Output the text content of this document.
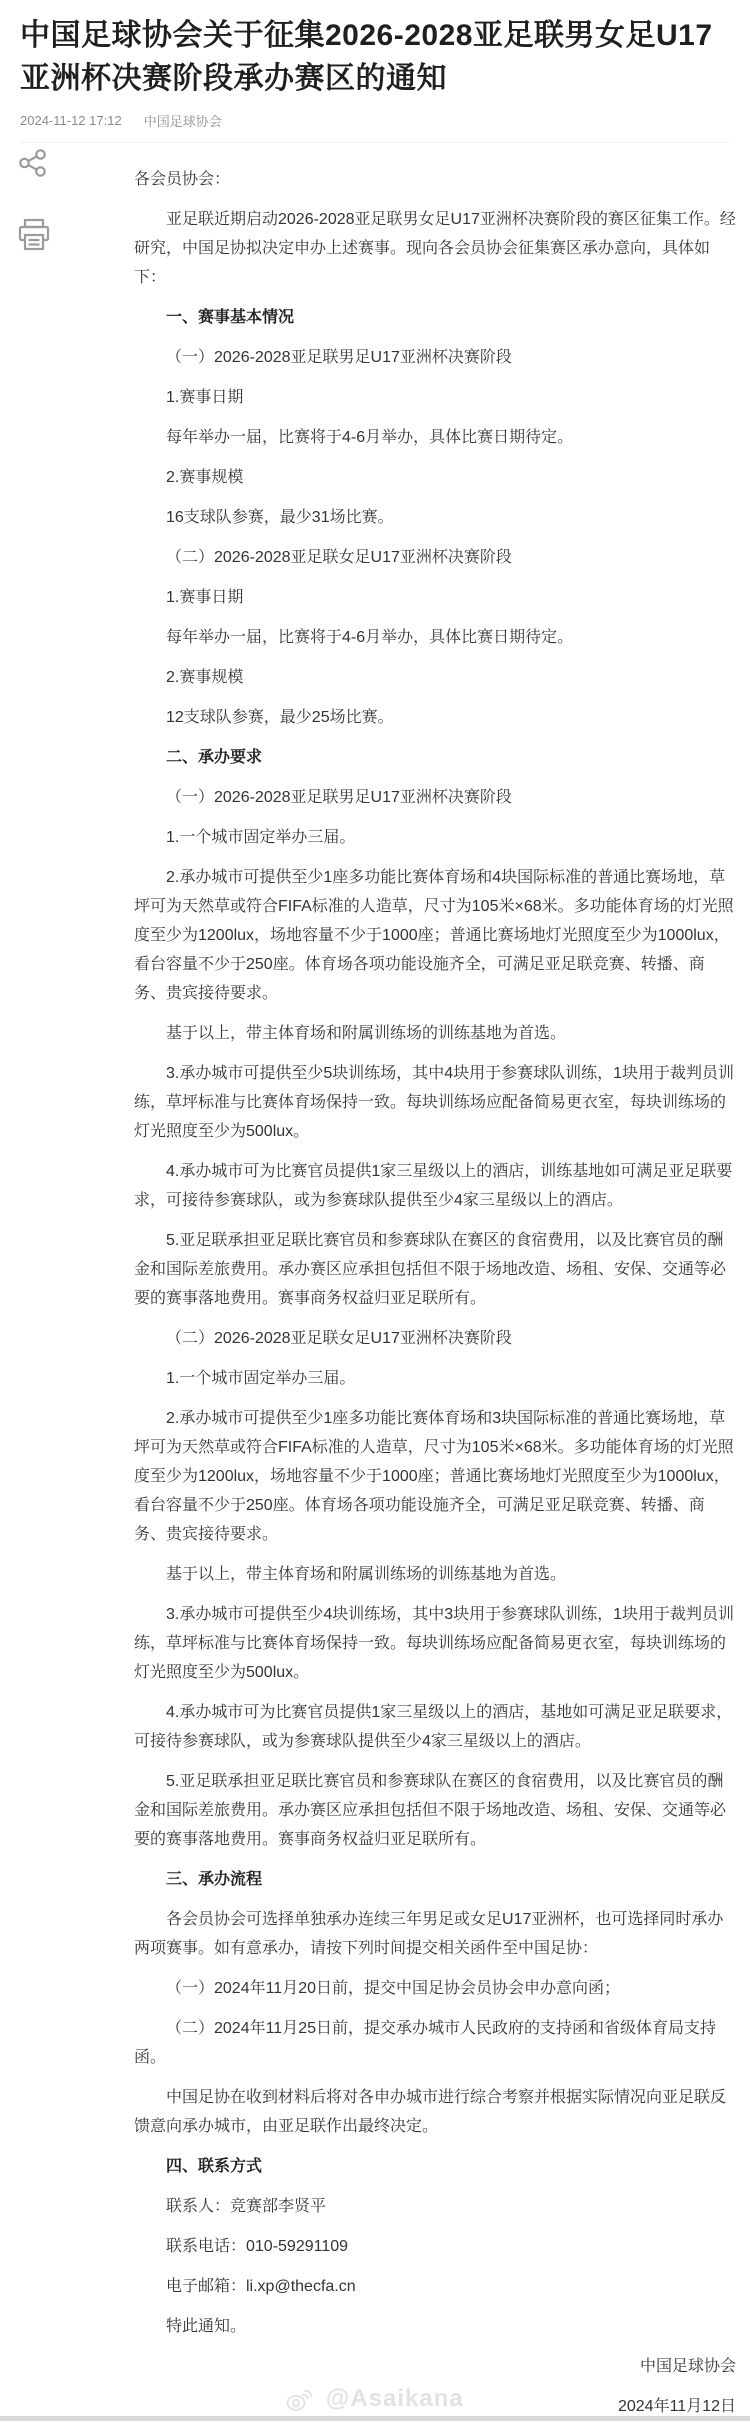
中国足球协会关于征集2026-2028亚足联男女足U17亚洲杯决赛阶段承办赛区的通知
2024-11-12 17:12 中国足球协会

各会员协会：

亚足联近期启动2026-2028亚足联男女足U17亚洲杯决赛阶段的赛区征集工作。经研究，中国足协拟决定申办上述赛事。现向各会员协会征集赛区承办意向，具体如下：

一、赛事基本情况

（一）2026-2028亚足联男足U17亚洲杯决赛阶段

1.赛事日期

每年举办一届，比赛将于4-6月举办，具体比赛日期待定。

2.赛事规模

16支球队参赛，最少31场比赛。

（二）2026-2028亚足联女足U17亚洲杯决赛阶段

1.赛事日期

每年举办一届，比赛将于4-6月举办，具体比赛日期待定。

2.赛事规模

12支球队参赛，最少25场比赛。

二、承办要求

（一）2026-2028亚足联男足U17亚洲杯决赛阶段

1.一个城市固定举办三届。

2.承办城市可提供至少1座多功能比赛体育场和4块国际标准的普通比赛场地，草坪可为天然草或符合FIFA标准的人造草，尺寸为105米×68米。多功能体育场的灯光照度至少为1200lux，场地容量不少于1000座；普通比赛场地灯光照度至少为1000lux，看台容量不少于250座。体育场各项功能设施齐全，可满足亚足联竞赛、转播、商务、贵宾接待要求。

基于以上，带主体育场和附属训练场的训练基地为首选。

3.承办城市可提供至少5块训练场，其中4块用于参赛球队训练，1块用于裁判员训练，草坪标准与比赛体育场保持一致。每块训练场应配备简易更衣室，每块训练场的灯光照度至少为500lux。

4.承办城市可为比赛官员提供1家三星级以上的酒店，训练基地如可满足亚足联要求，可接待参赛球队，或为参赛球队提供至少4家三星级以上的酒店。

5.亚足联承担亚足联比赛官员和参赛球队在赛区的食宿费用，以及比赛官员的酬金和国际差旅费用。承办赛区应承担包括但不限于场地改造、场租、安保、交通等必要的赛事落地费用。赛事商务权益归亚足联所有。

（二）2026-2028亚足联女足U17亚洲杯决赛阶段

1.一个城市固定举办三届。

2.承办城市可提供至少1座多功能比赛体育场和3块国际标准的普通比赛场地，草坪可为天然草或符合FIFA标准的人造草，尺寸为105米×68米。多功能体育场的灯光照度至少为1200lux，场地容量不少于1000座；普通比赛场地灯光照度至少为1000lux，看台容量不少于250座。体育场各项功能设施齐全，可满足亚足联竞赛、转播、商务、贵宾接待要求。

基于以上，带主体育场和附属训练场的训练基地为首选。

3.承办城市可提供至少4块训练场，其中3块用于参赛球队训练，1块用于裁判员训练，草坪标准与比赛体育场保持一致。每块训练场应配备简易更衣室，每块训练场的灯光照度至少为500lux。

4.承办城市可为比赛官员提供1家三星级以上的酒店，基地如可满足亚足联要求，可接待参赛球队，或为参赛球队提供至少4家三星级以上的酒店。

5.亚足联承担亚足联比赛官员和参赛球队在赛区的食宿费用，以及比赛官员的酬金和国际差旅费用。承办赛区应承担包括但不限于场地改造、场租、安保、交通等必要的赛事落地费用。赛事商务权益归亚足联所有。

三、承办流程

各会员协会可选择单独承办连续三年男足或女足U17亚洲杯，也可选择同时承办两项赛事。如有意承办，请按下列时间提交相关函件至中国足协：

（一）2024年11月20日前，提交中国足协会员协会申办意向函；

（二）2024年11月25日前，提交承办城市人民政府的支持函和省级体育局支持函。

中国足协在收到材料后将对各申办城市进行综合考察并根据实际情况向亚足联反馈意向承办城市，由亚足联作出最终决定。

四、联系方式

联系人：竞赛部李贤平

联系电话：010-59291109

电子邮箱：li.xp@thecfa.cn

特此通知。

中国足球协会

2024年11月12日

@Asaikana
